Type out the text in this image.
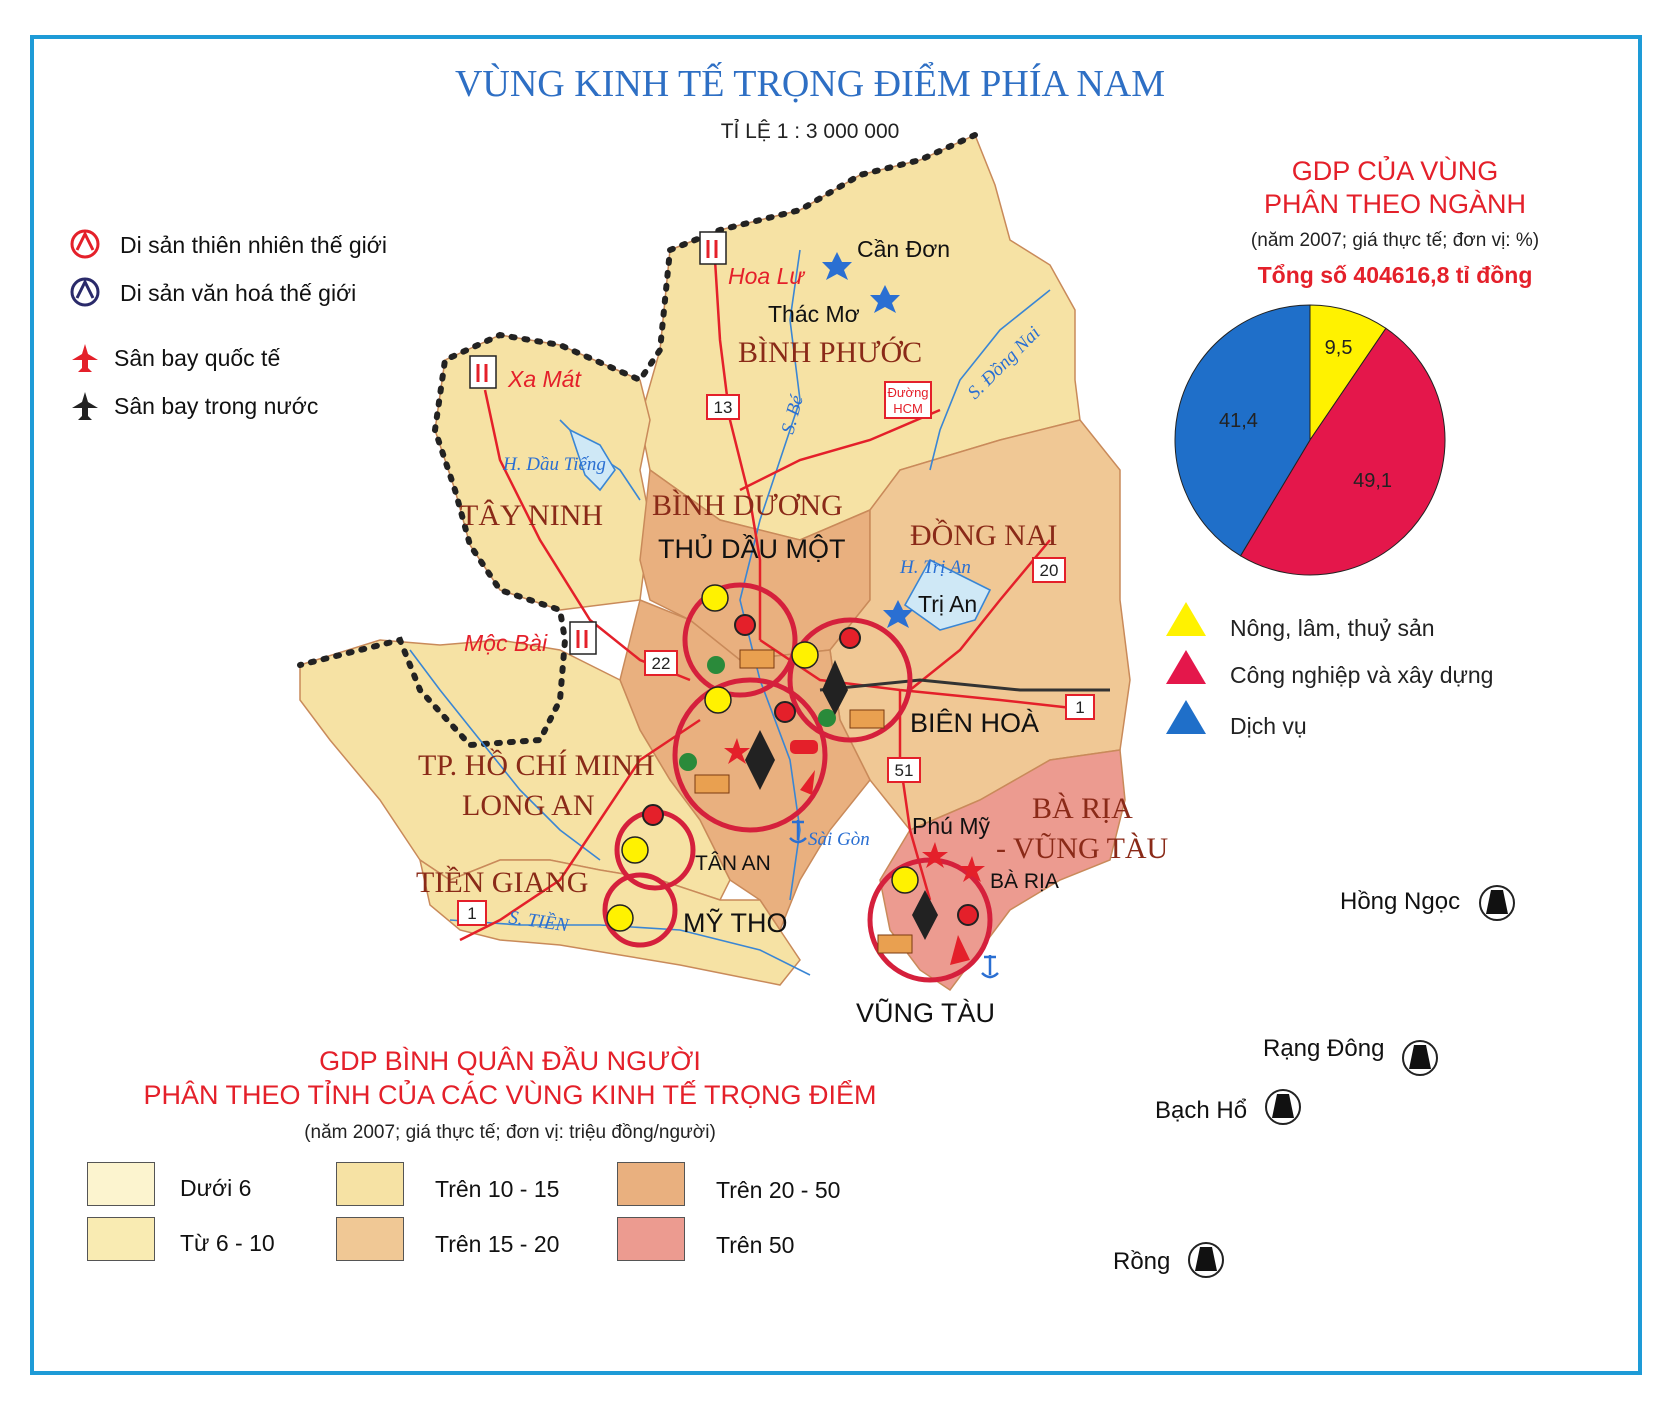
VÙNG KINH TẾ TRỌNG ĐIỂM PHÍA NAM
TỈ LỆ 1 : 3 000 000
Di sản thiên nhiên thế giới
Di sản văn hoá thế giới
Sân bay quốc tế
Sân bay trong nước	13
22
20
1
51
1
Đường
HCM
BÌNH PHƯỚC
TÂY NINH BÌNH DƯƠNG
ĐỒNG NAI
TP. HỒ CHÍ MINH
LONG AN
TIỀN GIANG
BÀ RỊA
- VŨNG TÀU
THỦ DẦU MỘT
BIÊN HOÀ
MỸ THO
VŨNG TÀU
TÂN AN
BÀ RỊA
Phú Mỹ
Cần Đơn
Thác Mơ
Trị An
Hoa Lư
Xa Mát
Mộc Bài
H. Dầu Tiếng
H. Trị An
S. Bé
S. Đồng Nai
S. TIỀN
Sài Gòn
Hồng Ngọc
Rạng Đông
Bạch Hổ
Rồng
GDP CỦA VÙNG
PHÂN THEO NGÀNH
(năm 2007; giá thực tế; đơn vị: %)
Tổng số 404616,8 tỉ đồng
9,5
49,1
41,4
Nông, lâm, thuỷ sản
Công nghiệp và xây dựng
Dịch vụ
GDP BÌNH QUÂN ĐẦU NGƯỜI
PHÂN THEO TỈNH CỦA CÁC VÙNG KINH TẾ TRỌNG ĐIỂM
(năm 2007; giá thực tế; đơn vị: triệu đồng/người)
Dưới 6
Từ 6 - 10
Trên 10 - 15
Trên 15 - 20
Trên 20 - 50
Trên 50
